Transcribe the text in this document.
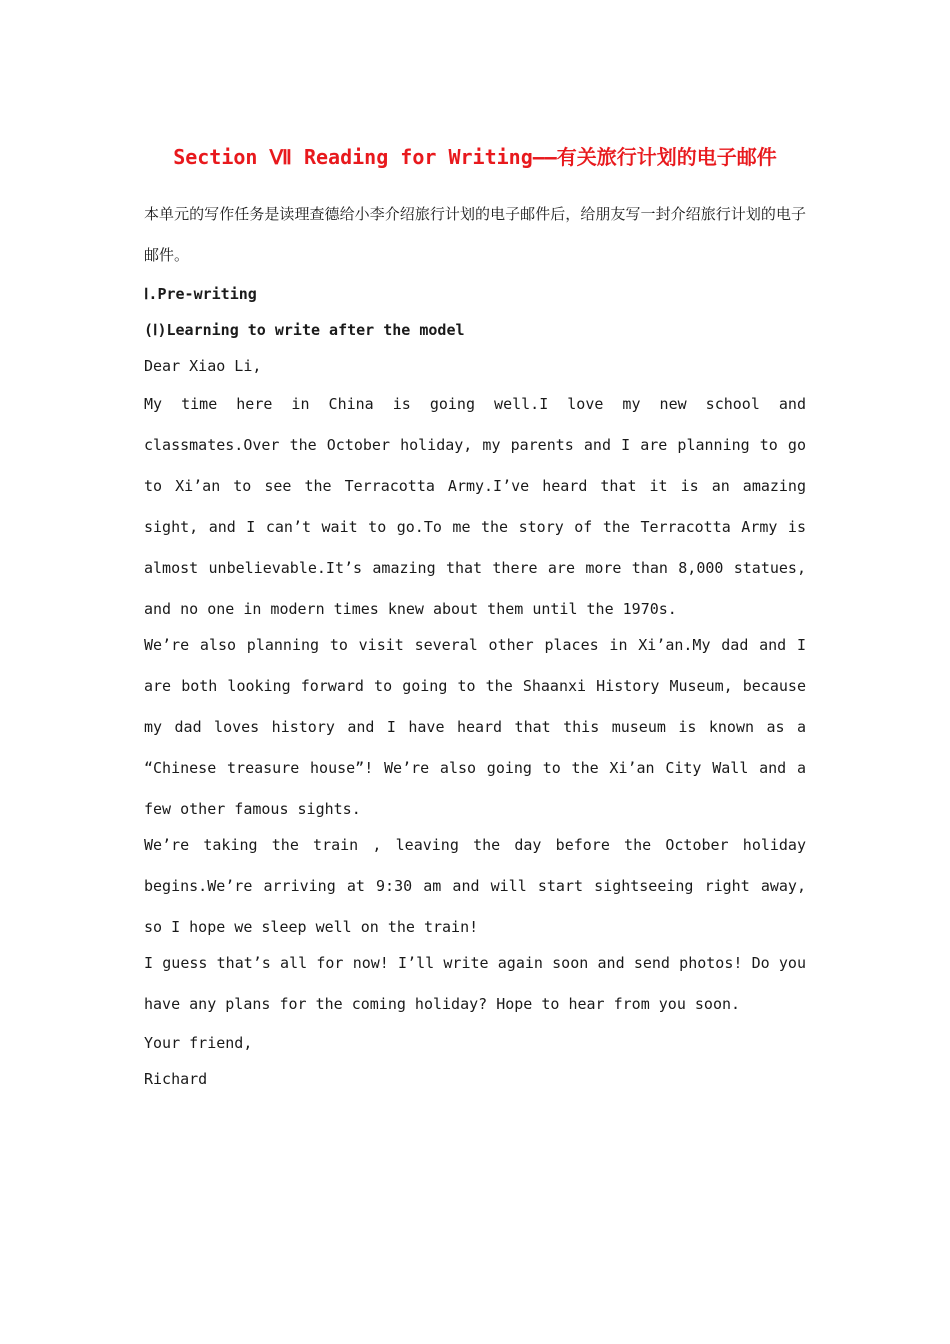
Section Ⅶ Reading for Writing——有关旅行计划的电子邮件

本单元的写作任务是读理查德给小李介绍旅行计划的电子邮件后，给朋友写一封介绍旅行计划的电子邮件。

Ⅰ.Pre-writing

(Ⅰ)Learning to write after the model

Dear Xiao Li,

My time here in China is going well.I love my new school and classmates.Over the October holiday, my parents and I are planning to go to Xi’an to see the Terracotta Army.I’ve heard that it is an amazing sight, and I can’t wait to go.To me the story of the Terracotta Army is almost unbelievable.It’s amazing that there are more than 8,000 statues, and no one in modern times knew about them until the 1970s.

We’re also planning to visit several other places in Xi’an.My dad and I are both looking forward to going to the Shaanxi History Museum, because my dad loves history and I have heard that this museum is known as a “Chinese treasure house”! We’re also going to the Xi’an City Wall and a few other famous sights.

We’re taking the train , leaving the day before the October holiday begins.We’re arriving at 9:30 am and will start sightseeing right away, so I hope we sleep well on the train!

I guess that’s all for now! I’ll write again soon and send photos! Do you have any plans for the coming holiday? Hope to hear from you soon.

Your friend,

Richard
